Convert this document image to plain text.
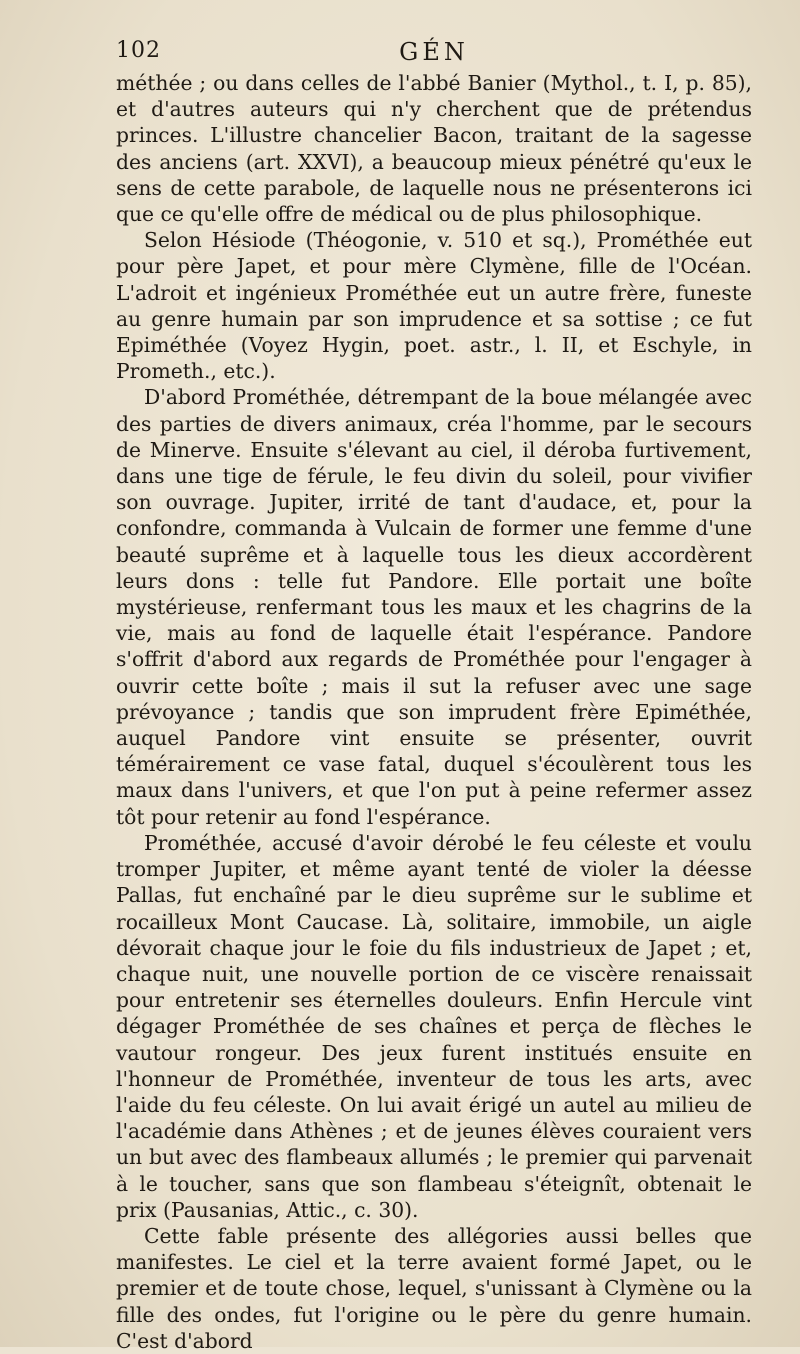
102	GÉN

méthée ; ou dans celles de l'abbé Banier (Mythol., t. I, p. 85), et d'autres auteurs qui n'y cherchent que de prétendus princes. L'illustre chancelier Bacon, traitant de la sagesse des anciens (art. XXVI), a beaucoup mieux pénétré qu'eux le sens de cette parabole, de laquelle nous ne présenterons ici que ce qu'elle offre de médical ou de plus philosophique.

Selon Hésiode (Théogonie, v. 510 et sq.), Prométhée eut pour père Japet, et pour mère Clymène, fille de l'Océan. L'adroit et ingénieux Prométhée eut un autre frère, funeste au genre humain par son imprudence et sa sottise ; ce fut Epiméthée (Voyez Hygin, poet. astr., l. II, et Eschyle, in Prometh., etc.).

D'abord Prométhée, détrempant de la boue mélangée avec des parties de divers animaux, créa l'homme, par le secours de Minerve. Ensuite s'élevant au ciel, il déroba furtivement, dans une tige de férule, le feu divin du soleil, pour vivifier son ouvrage. Jupiter, irrité de tant d'audace, et, pour la confondre, commanda à Vulcain de former une femme d'une beauté suprême et à laquelle tous les dieux accordèrent leurs dons : telle fut Pandore. Elle portait une boîte mystérieuse, renfermant tous les maux et les chagrins de la vie, mais au fond de laquelle était l'espérance. Pandore s'offrit d'abord aux regards de Prométhée pour l'engager à ouvrir cette boîte ; mais il sut la refuser avec une sage prévoyance ; tandis que son imprudent frère Epiméthée, auquel Pandore vint ensuite se présenter, ouvrit témérairement ce vase fatal, duquel s'écoulèrent tous les maux dans l'univers, et que l'on put à peine refermer assez tôt pour retenir au fond l'espérance.

Prométhée, accusé d'avoir dérobé le feu céleste et voulu tromper Jupiter, et même ayant tenté de violer la déesse Pallas, fut enchaîné par le dieu suprême sur le sublime et rocailleux Mont Caucase. Là, solitaire, immobile, un aigle dévorait chaque jour le foie du fils industrieux de Japet ; et, chaque nuit, une nouvelle portion de ce viscère renaissait pour entretenir ses éternelles douleurs. Enfin Hercule vint dégager Prométhée de ses chaînes et perça de flèches le vautour rongeur. Des jeux furent institués ensuite en l'honneur de Prométhée, inventeur de tous les arts, avec l'aide du feu céleste. On lui avait érigé un autel au milieu de l'académie dans Athènes ; et de jeunes élèves couraient vers un but avec des flambeaux allumés ; le premier qui parvenait à le toucher, sans que son flambeau s'éteignît, obtenait le prix (Pausanias, Attic., c. 30).

Cette fable présente des allégories aussi belles que manifestes. Le ciel et la terre avaient formé Japet, ou le premier et de toute chose, lequel, s'unissant à Clymène ou la fille des ondes, fut l'origine ou le père du genre humain. C'est d'abord
